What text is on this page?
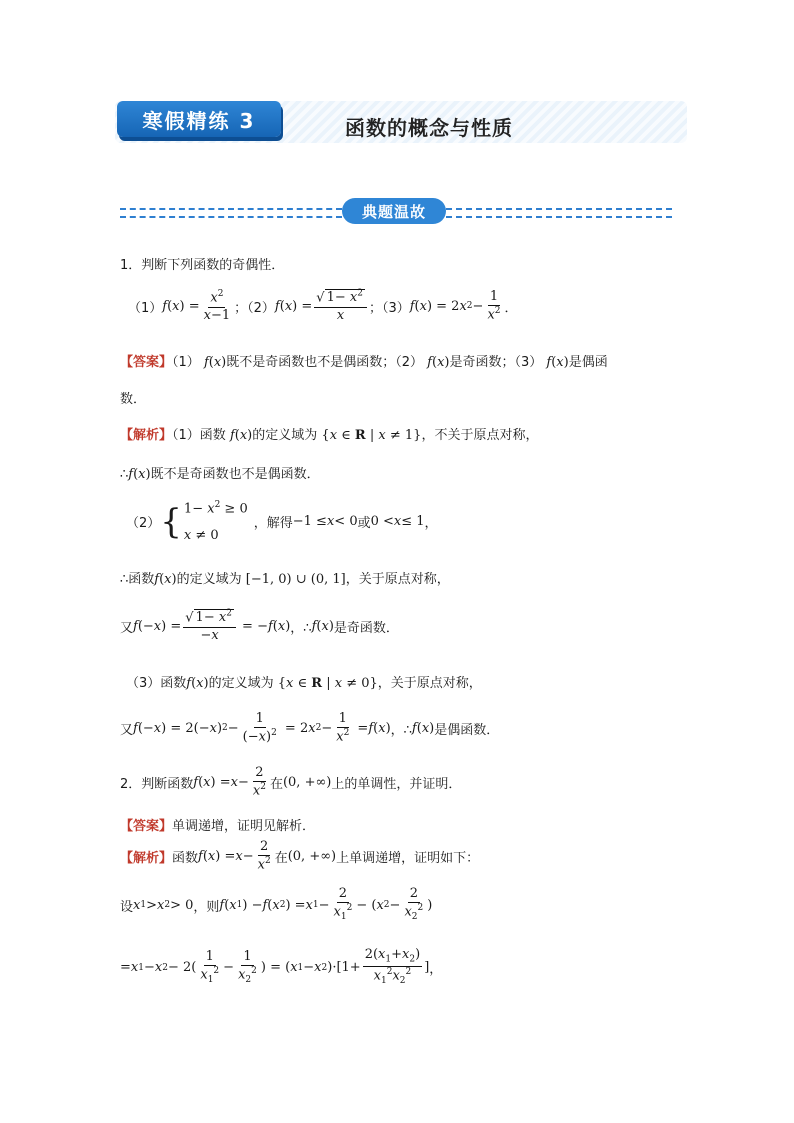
寒假精练 3	函数的概念与性质
典题温故
1．判断下列函数的奇偶性．
（1） f ( x ) = $\frac{x^2}{x-1}$ ；（2） f ( x ) = $\frac{√ 1- x^2}{x}$ ；（3） f ( x ) = 2 x $2 - \frac{1}{x^2}$ ．
【答案】（1） f(x)既不是奇函数也不是偶函数；（2） f(x)是奇函数；（3） f(x)是偶函
数．
【解析】（1）函数 f(x)的定义域为 {x ∈ R | x ≠ 1}，不关于原点对称，
∴f(x)既不是奇函数也不是偶函数．
（2） { $1- x^2 \ge 0$
x ≠ 0
，解得 −1 ≤ x < 0 或 0 < x ≤ 1 ，
∴函数f(x)的定义域为 [−1, 0) ∪ (0, 1]，关于原点对称，
又 f (− x ) = $\frac{√ 1- x^2}{-x}$ = − f ( x ) ，∴ f ( x ) 是奇函数．
（3）函数f(x)的定义域为 {x ∈ R | x ≠ 0}，关于原点对称，
又 f (− x ) = 2(− x ) $2 - \frac{1}{(-x)^2} = 2$ x $2 - \frac{1}{x^2} = f$ ( x ) ，∴ f ( x ) 是偶函数．
2．判断函数 f ( x ) = $x - \frac{2}{x^2}$ 在 (0, +∞) 上的单调性，并证明．
【答案】单调递增，证明见解析．
【解析】 函数 f ( x ) = $x - \frac{2}{x^2}$ 在 (0, +∞) 上单调递增，证明如下：
设 x 1 > x 2 > 0 ，则 f ( x 1 ) − f ( x 2 ) = x $1 - \frac{2}{x_1^2}$ − ( x $2 - \frac{2}{x_2^2}$ )
= x 1 − x $2 - 2( \frac{1}{x_1^2} - \frac{1}{x_2^2}$ ) = ( x 1 − x 2 )$\cdot[1+ \frac{2(x_1+x_2)}{x_1^2x_2^2}$ ] ，
